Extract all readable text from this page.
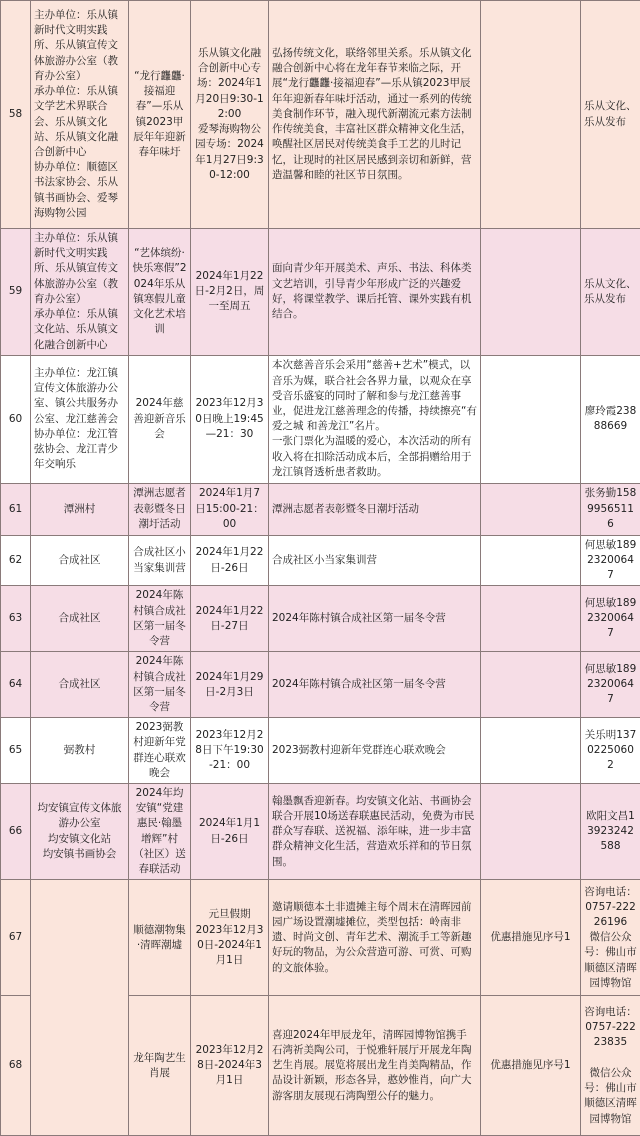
58	主办单位：乐从镇新时代文明实践所、乐从镇宣传文体旅游办公室（教育办公室）
承办单位：乐从镇文学艺术界联合会、乐从镇文化站、乐从镇文化融合创新中心
协办单位：顺德区书法家协会、乐从镇书画协会、爱琴海购物公园	“龙行龘龘·接福迎春”—乐从镇2023甲辰年年迎新春年味圩	乐从镇文化融合创新中心专场：2024年1月20日9:30-12:00
爱琴海购物公园专场：2024年1月27日9:30-12:00	弘扬传统文化，联络邻里关系。乐从镇文化融合创新中心将在龙年春节来临之际，开展“龙行龘龘·接福迎春”—乐从镇2023甲辰年年迎新春年味圩活动，通过一系列的传统美食制作环节，融入现代新潮流元素方法制作传统美食，丰富社区群众精神文化生活，唤醒社区居民对传统美食手工艺的儿时记忆，让现时的社区居民感到亲切和新鲜，营造温馨和睦的社区节日氛围。		乐从文化、乐从发布
59	主办单位：乐从镇新时代文明实践所、乐从镇宣传文体旅游办公室（教育办公室）
承办单位：乐从镇文化站、乐从镇文化融合创新中心	“艺体缤纷·快乐寒假”2024年乐从镇寒假儿童文化艺术培训	2024年1月22日-2月2日，周一至周五	面向青少年开展美术、声乐、书法、科体类文艺培训，引导青少年形成广泛的兴趣爱好，将课堂教学、课后托管、课外实践有机结合。		乐从文化、乐从发布
60	主办单位：龙江镇宣传文体旅游办公室、镇公共服务办公室、龙江慈善会协办单位：龙江管弦协会、龙江青少年交响乐	2024年慈善迎新音乐会	2023年12月30日晚上19:45—21：30	本次慈善音乐会采用“慈善+艺术”模式，以音乐为媒，联合社会各界力量，以观众在享受音乐盛宴的同时了解和参与龙江慈善事业，促进龙江慈善理念的传播，持续擦亮“有爱之城 和善龙江”名片。
一张门票化为温暖的爱心，本次活动的所有收入将在扣除活动成本后，全部捐赠给用于龙江镇肾透析患者救助。		廖玲霞23888669
61	潭洲村	潭洲志愿者表彰暨冬日潮圩活动	2024年1月7日15:00-21：00	潭洲志愿者表彰暨冬日潮圩活动		张务勤15899565116
62	合成社区	合成社区小当家集训营	2024年1月22日-26日	合成社区小当家集训营		何思敏18923200647
63	合成社区	2024年陈村镇合成社区第一届冬令营	2024年1月22日-27日	2024年陈村镇合成社区第一届冬令营		何思敏18923200647
64	合成社区	2024年陈村镇合成社区第一届冬令营	2024年1月29日-2月3日	2024年陈村镇合成社区第一届冬令营		何思敏18923200647
65	弼教村	2023弼教村迎新年党群连心联欢晚会	2023年12月28日下午19:30-21：00	2023弼教村迎新年党群连心联欢晚会		关乐明13702250602
66	均安镇宣传文体旅游办公室
均安镇文化站
均安镇书画协会	2024年均安镇“党建惠民·翰墨增辉”村（社区）送春联活动	2024年1月1日-26日	翰墨飘香迎新春。均安镇文化站、书画协会联合开展10场送春联惠民活动，免费为市民群众写春联、送祝福、添年味，进一步丰富群众精神文化生活，营造欢乐祥和的节日氛围。		欧阳文昌13923242588
67		顺德潮物集·清晖潮墟	元旦假期
2023年12月30日-2024年1月1日	邀请顺德本土非遗摊主每个周末在清晖园前园广场设置潮墟摊位，类型包括：岭南非遗、时尚文创、青年艺术、潮流手工等新趣好玩的物品，为公众营造可游、可赏、可购的文旅体验。	优惠措施见序号1	咨询电话：0757-22226196
微信公众号：佛山市顺德区清晖园博物馆
68		龙年陶艺生肖展	2023年12月28日-2024年3月1日	喜迎2024年甲辰龙年，清晖园博物馆携手石湾祈美陶公司，于悦雅轩展厅开展龙年陶艺生肖展。展览将展出龙生肖美陶精品，作品设计新颖，形态各异，憨妙惟肖，向广大游客朋友展现石湾陶塑公仔的魅力。	优惠措施见序号1	咨询电话：0757-22223835

微信公众号：佛山市顺德区清晖园博物馆
